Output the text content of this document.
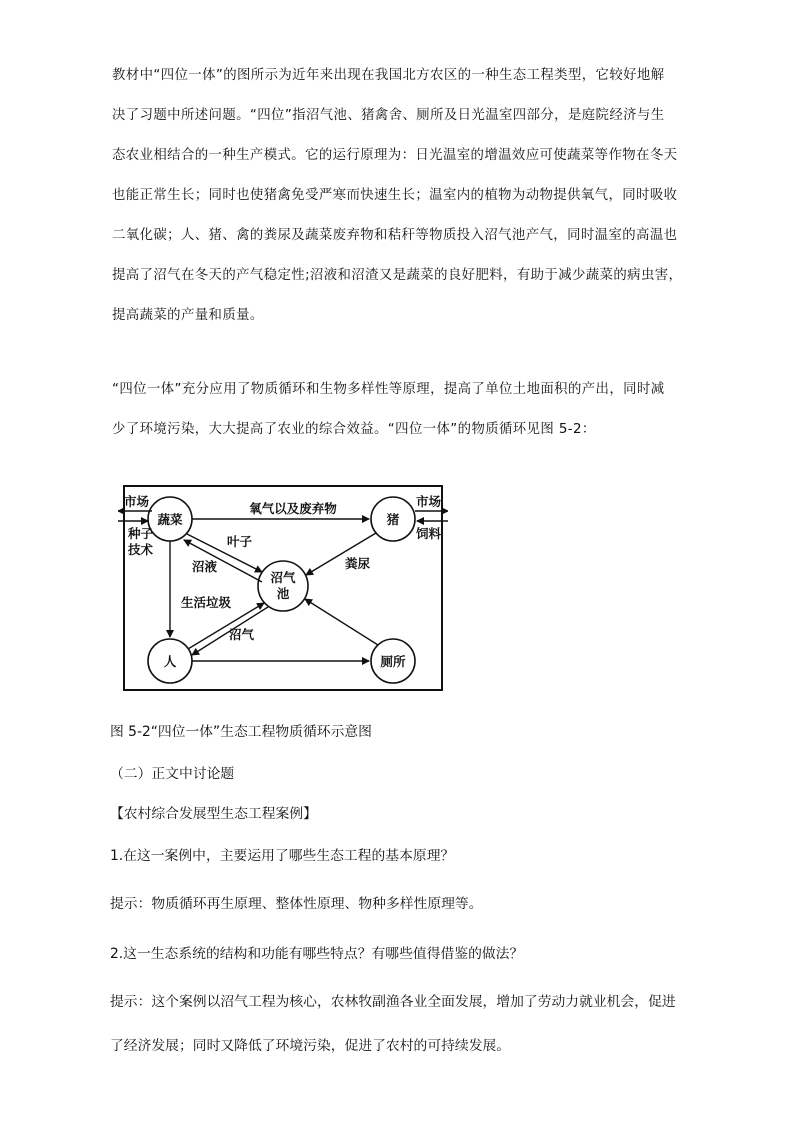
教材中“四位一体”的图所示为近年来出现在我国北方农区的一种生态工程类型，它较好地解
决了习题中所述问题。“四位”指沼气池、猪禽舍、厕所及日光温室四部分，是庭院经济与生
态农业相结合的一种生产模式。它的运行原理为：日光温室的增温效应可使蔬菜等作物在冬天
也能正常生长；同时也使猪禽免受严寒而快速生长；温室内的植物为动物提供氧气，同时吸收
二氧化碳；人、猪、禽的粪尿及蔬菜废弃物和秸秆等物质投入沼气池产气，同时温室的高温也
提高了沼气在冬天的产气稳定性;沼液和沼渣又是蔬菜的良好肥料，有助于减少蔬菜的病虫害，
提高蔬菜的产量和质量。
“四位一体”充分应用了物质循环和生物多样性等原理，提高了单位土地面积的产出，同时减
少了环境污染，大大提高了农业的综合效益。“四位一体”的物质循环见图 5-2：
蔬菜	猪
沼气
池
人	厕所
市场
种子
技术
市场
饲料
氧气以及废弃物
叶子
沼液	粪尿
生活垃圾
沼气
图 5-2“四位一体”生态工程物质循环示意图
（二）正文中讨论题
【农村综合发展型生态工程案例】
1.在这一案例中，主要运用了哪些生态工程的基本原理？
提示：物质循环再生原理、整体性原理、物种多样性原理等。
2.这一生态系统的结构和功能有哪些特点？有哪些值得借鉴的做法？
提示：这个案例以沼气工程为核心，农林牧副渔各业全面发展，增加了劳动力就业机会，促进
了经济发展；同时又降低了环境污染，促进了农村的可持续发展。
